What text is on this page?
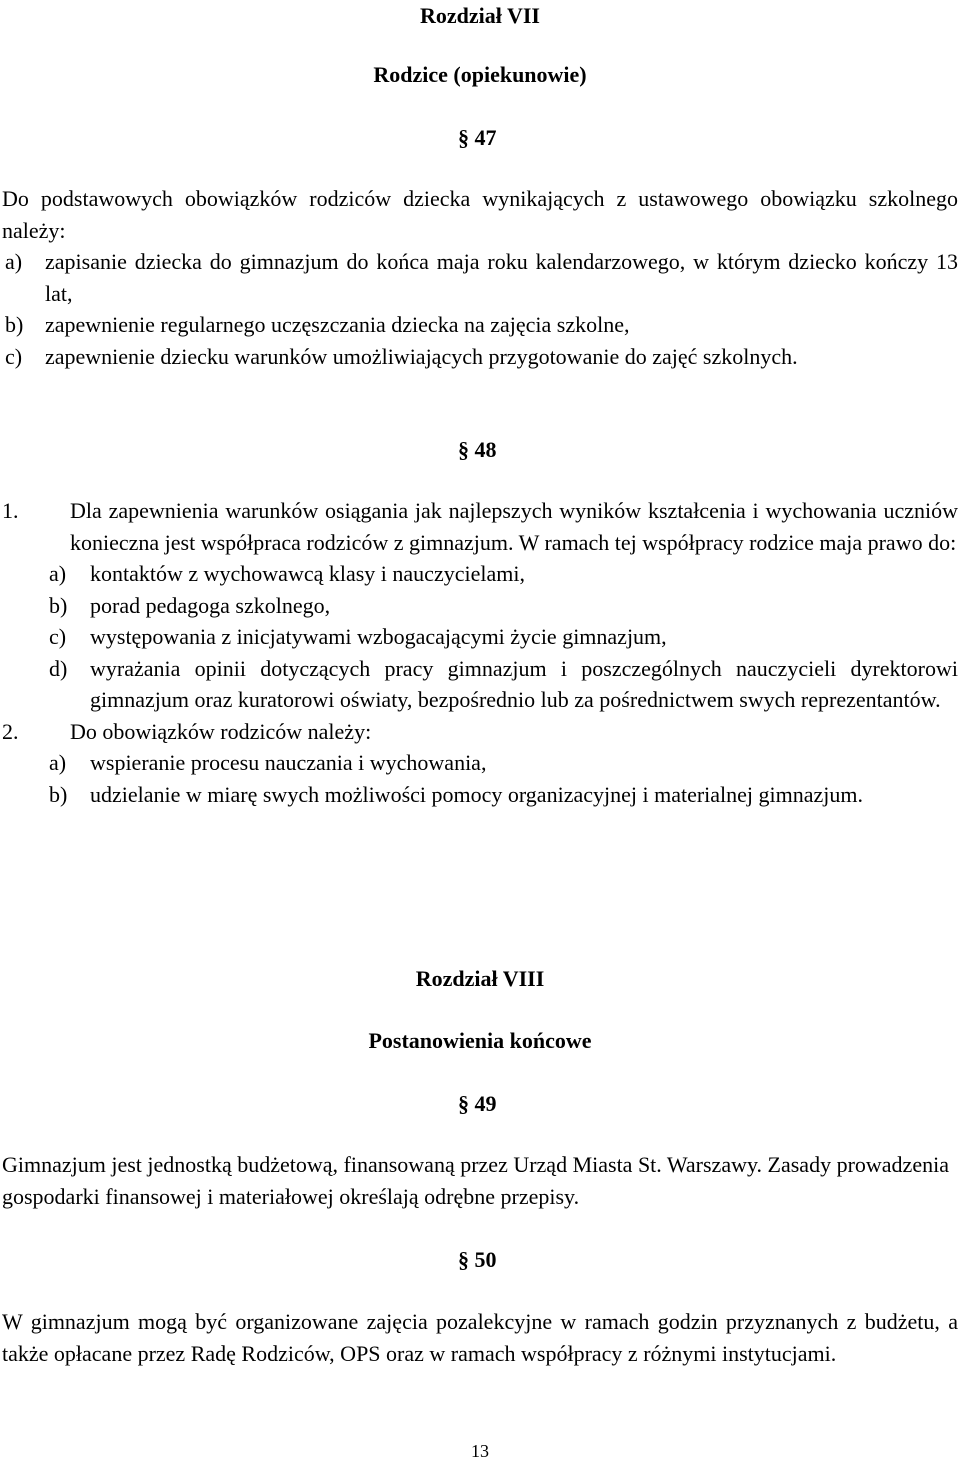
Rozdział VII
Rodzice (opiekunowie)
§ 47
Do podstawowych obowiązków rodziców dziecka wynikających z ustawowego obowiązku szkolnego należy:
a)	zapisanie dziecka do gimnazjum do końca maja roku kalendarzowego, w którym dziecko kończy 13 lat,
b) zapewnienie regularnego uczęszczania dziecka na zajęcia szkolne,
c)	zapewnienie dziecku warunków umożliwiających przygotowanie do zajęć szkolnych.
§ 48
1.	Dla zapewnienia warunków osiągania jak najlepszych wyników kształcenia i wychowania uczniów konieczna jest współpraca rodziców z gimnazjum. W ramach tej współpracy rodzice maja prawo do:
a)	kontaktów z wychowawcą klasy i nauczycielami,
b)	porad pedagoga szkolnego,
c)	występowania z inicjatywami wzbogacającymi życie gimnazjum,
d)	wyrażania opinii dotyczących pracy gimnazjum i poszczególnych nauczycieli dyrektorowi gimnazjum oraz kuratorowi oświaty, bezpośrednio lub za pośrednictwem swych reprezentantów.
2.	Do obowiązków rodziców należy:
a)	wspieranie procesu nauczania i wychowania,
b)	udzielanie w miarę swych możliwości pomocy organizacyjnej i materialnej gimnazjum.
Rozdział VIII
Postanowienia końcowe
§ 49
Gimnazjum jest jednostką budżetową, finansowaną przez Urząd Miasta St. Warszawy. Zasady prowadzenia gospodarki finansowej i materiałowej określają odrębne przepisy.
§ 50
W gimnazjum mogą być organizowane zajęcia pozalekcyjne w ramach godzin przyznanych z budżetu, a także opłacane przez Radę Rodziców, OPS oraz w ramach współpracy z różnymi instytucjami.
13
